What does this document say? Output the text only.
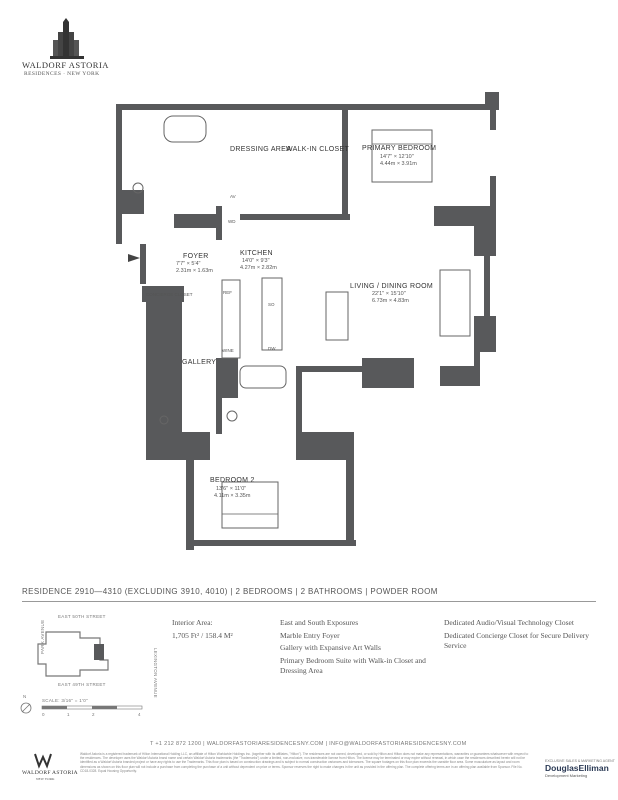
WALDORF ASTORIA
RESIDENCES · NEW YORK
DRESSING AREA
WALK-IN CLOSET PRIMARY BEDROOM
14'7" × 12'10"
4.44m × 3.91m
AV
WD
FOYER
7'7" × 5'4"
2.31m × 1.63m
KITCHEN
14'0" × 9'3"
4.27m × 2.82m
LIVING / DINING ROOM
22'1" × 15'10"
6.73m × 4.83m
CONCIERGE CLOSET	REF
SO
WINE	DW
GALLERY
BEDROOM 2
13'6" × 11'0"
4.11m × 3.35m
RESIDENCE 2910—4310 (EXCLUDING 3910, 4010) | 2 BEDROOMS | 2 BATHROOMS | POWDER ROOM
EAST 50TH STREET
EAST 49TH STREET
PARK AVENUE
LEXINGTON AVENUE
N
SCALE: 3/16" = 1'0"
0	1	2	4

Interior Area:

1,705 Ft² / 158.4 M²

East and South Exposures

Marble Entry Foyer

Gallery with Expansive Art Walls

Primary Bedroom Suite with Walk-in Closet and Dressing Area

Dedicated Audio/Visual Technology Closet

Dedicated Concierge Closet for Secure Delivery Service

T +1 212 872 1200 | WALDORFASTORIARESIDENCESNY.COM | INFO@WALDORFASTORIARESIDENCESNY.COM
Waldorf Astoria is a registered trademark of Hilton International Holding LLC, an affiliate of Hilton Worldwide Holdings Inc. (together with its affiliates, "Hilton"). The residences are not owned, developed, or sold by Hilton and Hilton does not make any representations, warranties or guarantees whatsoever with respect to the residences. The developer uses the Waldorf Astoria brand name and certain Waldorf Astoria trademarks (the "Trademarks") under a limited, non-exclusive, non-transferable license from Hilton. The license may be terminated or may expire without renewal, in which case the residences described herein will not be identified as a Waldorf Astoria branded project or have any rights to use the Trademarks. This floor plan is based on construction drawings and is subject to normal construction variances and tolerances. The square footages on this floor plan exceeds the useable floor area. Some musculature as layout and room dimensions as shown on this floor plan will not include a purchase from completing the purchase of a unit without dependent on price or terms. Sponsor reserves the right to make changes in the unit as provided in the offering plan. The complete offering terms are in an offering plan available from Sponsor. File No. CD18-0328. Equal Housing Opportunity.
WALDORF ASTORIA
NEW YORK
EXCLUSIVE SALES & MARKETING AGENT
DouglasElliman
Development Marketing
